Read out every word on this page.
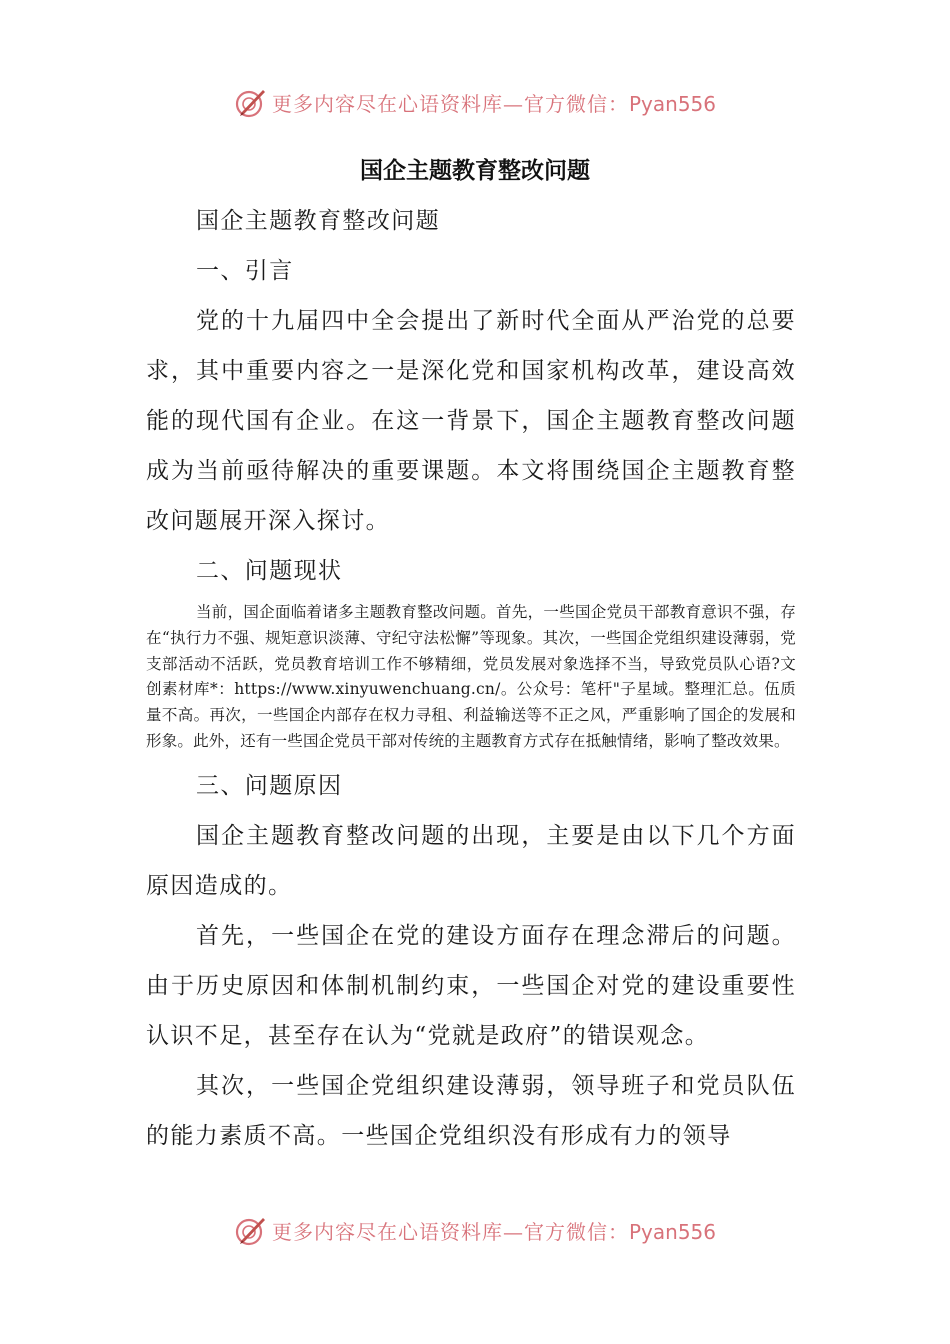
更多内容尽在心语资料库—官方微信：Pyan556
国企主题教育整改问题

国企主题教育整改问题

一、引言

党的十九届四中全会提出了新时代全面从严治党的总要求，其中重要内容之一是深化党和国家机构改革，建设高效能的现代国有企业。在这一背景下，国企主题教育整改问题成为当前亟待解决的重要课题。本文将围绕国企主题教育整改问题展开深入探讨。

二、问题现状

当前，国企面临着诸多主题教育整改问题。首先，一些国企党员干部教育意识不强，存在“执行力不强、规矩意识淡薄、守纪守法松懈”等现象。其次，一些国企党组织建设薄弱，党支部活动不活跃，党员教育培训工作不够精细，党员发展对象选择不当，导致党员队心语?文创素材库*：https://www.xinyuwenchuang.cn/。公众号：笔杆"子星域。整理汇总。伍质量不高。再次，一些国企内部存在权力寻租、利益输送等不正之风，严重影响了国企的发展和形象。此外，还有一些国企党员干部对传统的主题教育方式存在抵触情绪，影响了整改效果。

三、问题原因

国企主题教育整改问题的出现，主要是由以下几个方面原因造成的。

首先，一些国企在党的建设方面存在理念滞后的问题。由于历史原因和体制机制约束，一些国企对党的建设重要性认识不足，甚至存在认为“党就是政府”的错误观念。

其次，一些国企党组织建设薄弱，领导班子和党员队伍的能力素质不高。一些国企党组织没有形成有力的领导

更多内容尽在心语资料库—官方微信：Pyan556
